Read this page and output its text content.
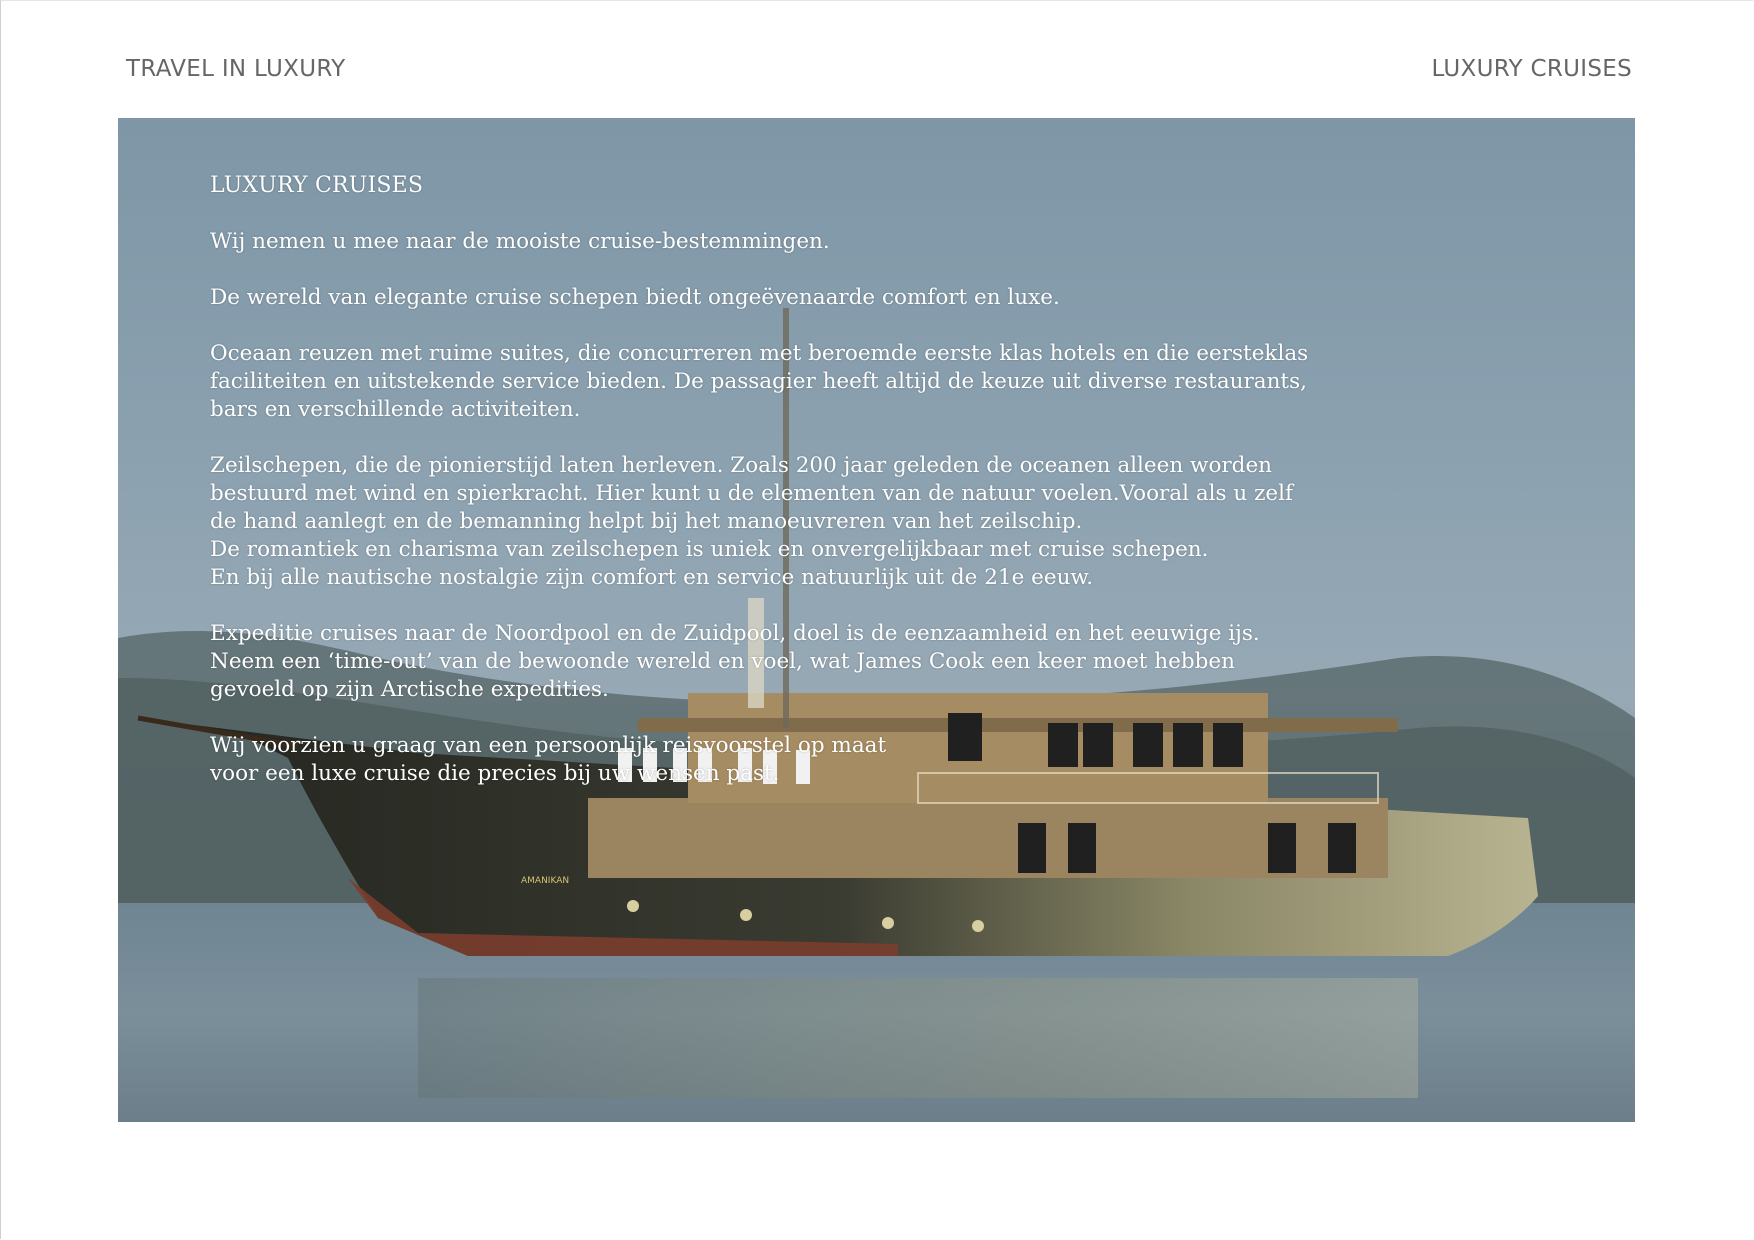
TRAVEL IN LUXURY	LUXURY CRUISES
AMANIKAN

LUXURY CRUISES

Wij nemen u mee naar de mooiste cruise-bestemmingen.

De wereld van elegante cruise schepen biedt ongeëvenaarde comfort en luxe.

Oceaan reuzen met ruime suites, die concurreren met beroemde eerste klas hotels en die eersteklas
faciliteiten en uitstekende service bieden. De passagier heeft altijd de keuze uit diverse restaurants,
bars en verschillende activiteiten.

Zeilschepen, die de pionierstijd laten herleven. Zoals 200 jaar geleden de oceanen alleen worden
bestuurd met wind en spierkracht. Hier kunt u de elementen van de natuur voelen.Vooral als u zelf
de hand aanlegt en de bemanning helpt bij het manoeuvreren van het zeilschip.
De romantiek en charisma van zeilschepen is uniek en onvergelijkbaar met cruise schepen.
En bij alle nautische nostalgie zijn comfort en service natuurlijk uit de 21e eeuw.

Expeditie cruises naar de Noordpool en de Zuidpool, doel is de eenzaamheid en het eeuwige ijs.
Neem een ‘time-out’ van de bewoonde wereld en voel, wat James Cook een keer moet hebben
gevoeld op zijn Arctische expedities.

Wij voorzien u graag van een persoonlijk reisvoorstel op maat
voor een luxe cruise die precies bij uw wensen past.
